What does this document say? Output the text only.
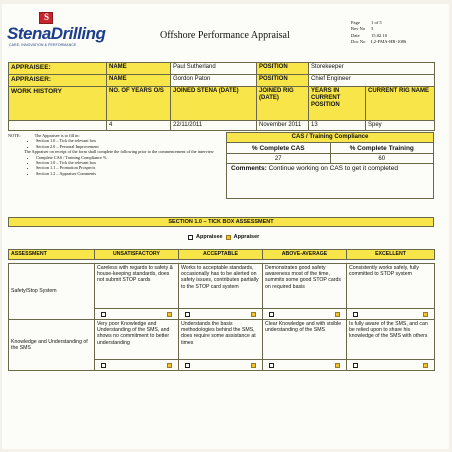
S
StenaDrilling
CARE, INNOVATION & PERFORMANCE
Offshore Performance Appraisal
Page	1 of 5
Rev No	3
Date	15.02.10
Doc No	L2-FMA-HR-1086
APPRAISEE:	NAME	Paul Sutherland	POSITION	Storekeeper	
APPRAISER:	NAME	Gordon Paton	POSITION	Chief Engineer	
WORK HISTORY	NO. OF YEARS O/S	JOINED STENA (DATE)	JOINED RIG (DATE)	YEARS IN CURRENT POSITION	CURRENT RIG NAME
	4	22/11/2011	November 2011	13	Spey
NOTE:	The Appraisee is to fill in:
• Section 1.0 – Tick the relevant box
• Section 2.0 – Personal Improvement

The Appraiser on receipt of the form shall complete the following prior to the commencement of the interview

• Complete CAS / Training Compliance %
• Section 1.0 – Tick the relevant box
• Section 1.1 – Promotion Prospects
• Section 1.2 – Appraiser Comments
CAS / Training Compliance
% Complete CAS	% Complete Training
27	60
Comments: Continue working on CAS to get it completed
SECTION 1.0 – TICK BOX ASSESSMENT
Appraisee Appraiser
ASSESSMENT	UNSATISFACTORY	ACCEPTABLE	ABOVE-AVERAGE	EXCELLENT

Safety/Stop System	Careless with regards to safety & house-keeping standards, does not submit STOP cards	Works to acceptable standards, occasionally has to be alerted on safety issues, contributes partially to the STOP card system	Demonstrates good safety awareness most of the time, summits some good STOP cards on required basis	Consistently works safely, fully committed to STOP system

Knowledge and Understanding of the SMS	Very poor Knowledge and Understanding of the SMS, and shows no commitment to better understanding	Understands the basis methodologies behind the SMS, does require some assistance at times	Clear Knowledge and with visible understanding of the SMS	Is fully aware of the SMS, and can be relied upon to share his knowledge of the SMS with others
